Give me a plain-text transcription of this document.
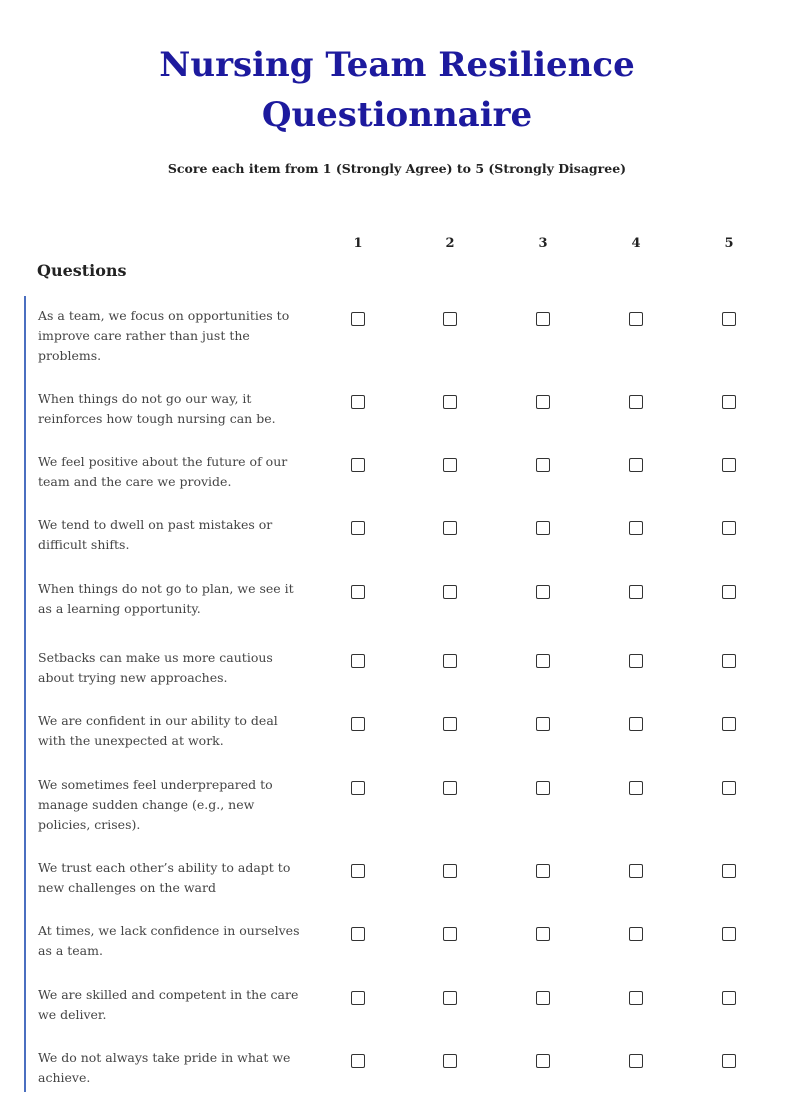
Nursing Team Resilience
Questionnaire
Score each item from 1 (Strongly Agree) to 5 (Strongly Disagree)
1	2	3	4	5
Questions
As a team, we focus on opportunities to improve care rather than just the problems.
When things do not go our way, it reinforces how tough nursing can be.
We feel positive about the future of our team and the care we provide.
We tend to dwell on past mistakes or difficult shifts.
When things do not go to plan, we see it as a learning opportunity.
Setbacks can make us more cautious about trying new approaches.
We are confident in our ability to deal with the unexpected at work.
We sometimes feel underprepared to manage sudden change (e.g., new policies, crises).
We trust each other’s ability to adapt to new challenges on the ward
At times, we lack confidence in ourselves as a team.
We are skilled and competent in the care we deliver.
We do not always take pride in what we achieve.
